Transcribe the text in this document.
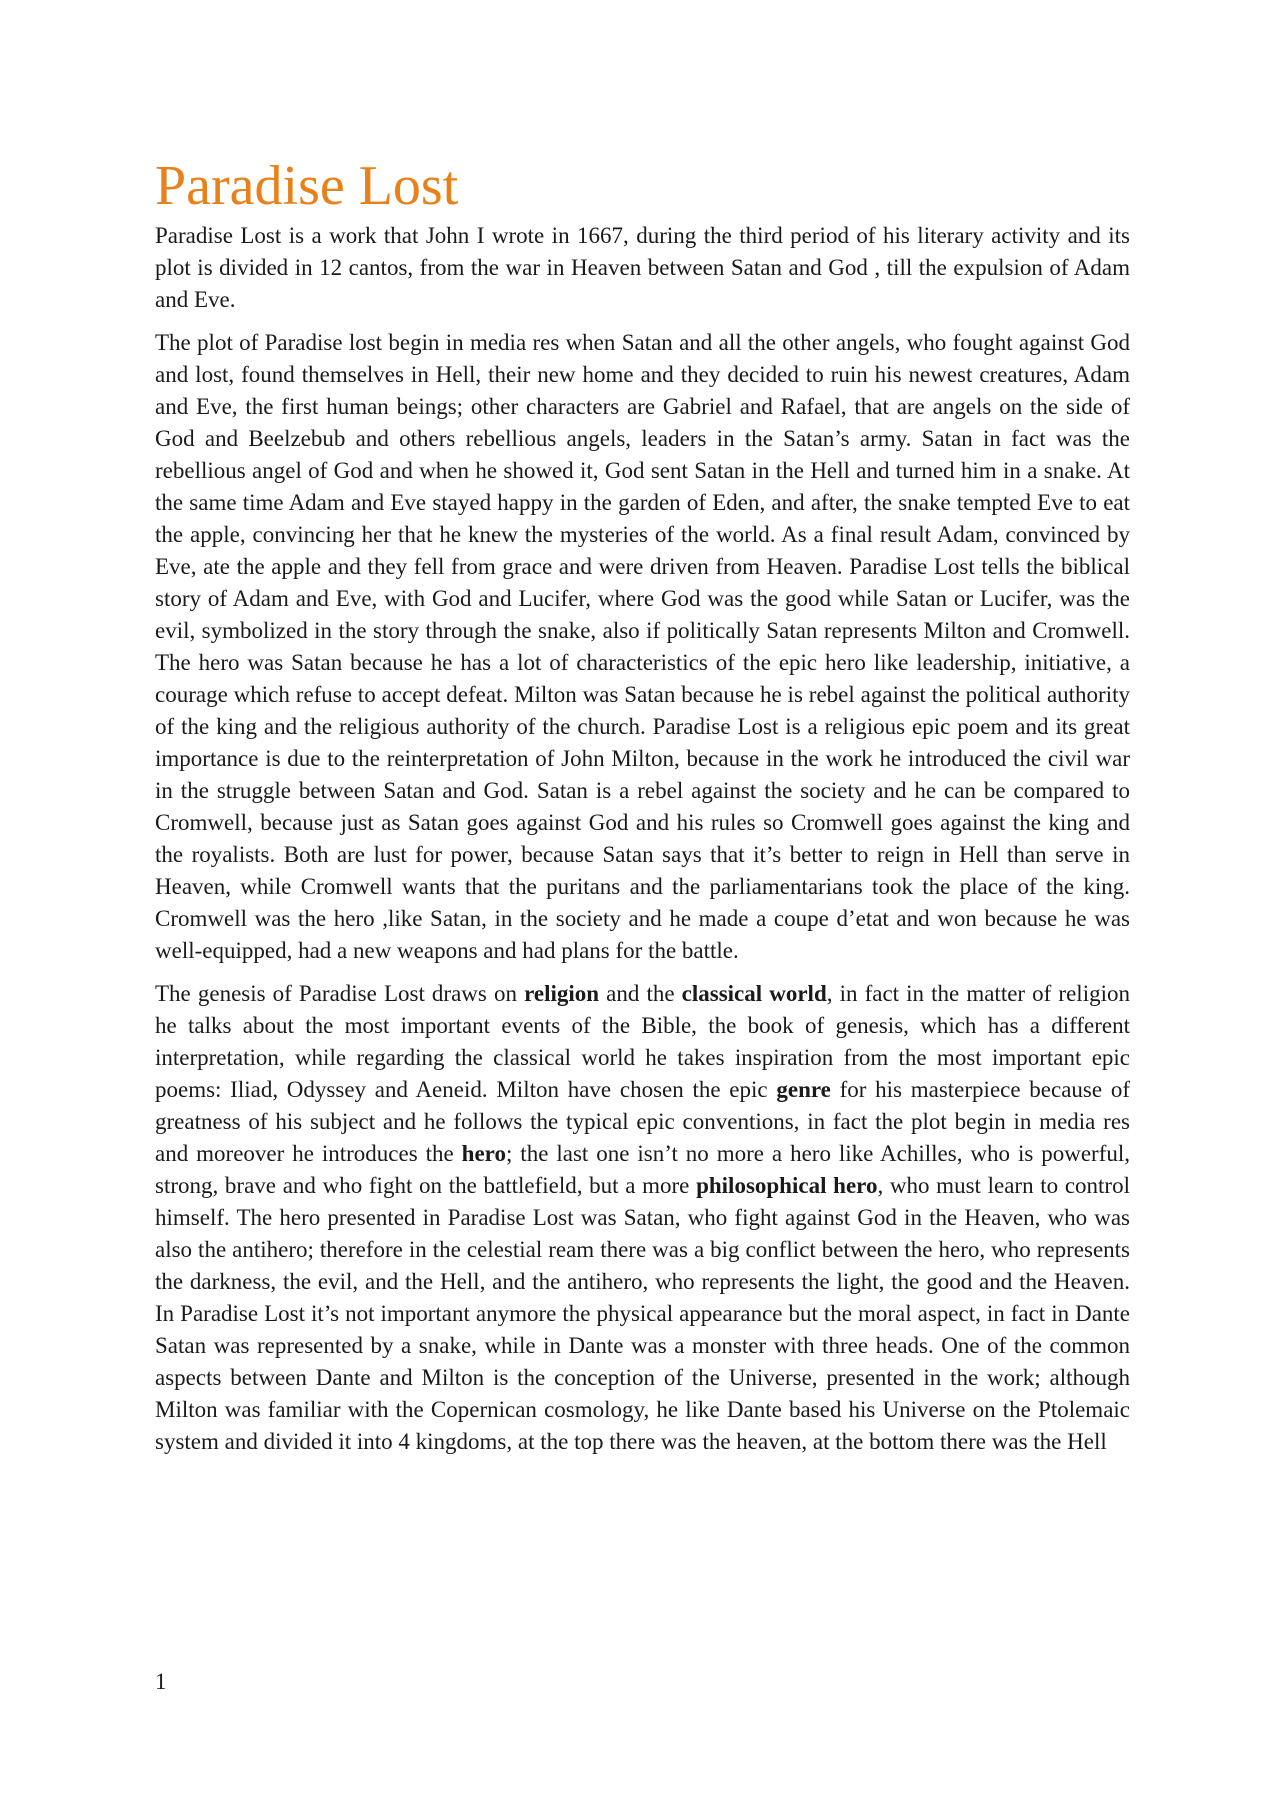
Paradise Lost

Paradise Lost is a work that John I wrote in 1667, during the third period of his literary activity and its plot is divided in 12 cantos, from the war in Heaven between Satan and God , till the expulsion of Adam and Eve.

The plot of Paradise lost begin in media res when Satan and all the other angels, who fought against God and lost, found themselves in Hell, their new home and they decided to ruin his newest creatures, Adam and Eve, the first human beings; other characters are Gabriel and Rafael, that are angels on the side of God and Beelzebub and others rebellious angels, leaders in the Satan’s army. Satan in fact was the rebellious angel of God and when he showed it, God sent Satan in the Hell and turned him in a snake. At the same time Adam and Eve stayed happy in the garden of Eden, and after, the snake tempted Eve to eat the apple, convincing her that he knew the mysteries of the world. As a final result Adam, convinced by Eve, ate the apple and they fell from grace and were driven from Heaven. Paradise Lost tells the biblical story of Adam and Eve, with God and Lucifer, where God was the good while Satan or Lucifer, was the evil, symbolized in the story through the snake, also if politically Satan represents Milton and Cromwell. The hero was Satan because he has a lot of characteristics of the epic hero like leadership, initiative, a courage which refuse to accept defeat. Milton was Satan because he is rebel against the political authority of the king and the religious authority of the church. Paradise Lost is a religious epic poem and its great importance is due to the reinterpretation of John Milton, because in the work he introduced the civil war in the struggle between Satan and God. Satan is a rebel against the society and he can be compared to Cromwell, because just as Satan goes against God and his rules so Cromwell goes against the king and the royalists. Both are lust for power, because Satan says that it’s better to reign in Hell than serve in Heaven, while Cromwell wants that the puritans and the parliamentarians took the place of the king. Cromwell was the hero ,like Satan, in the society and he made a coupe d’etat and won because he was well-equipped, had a new weapons and had plans for the battle.

The genesis of Paradise Lost draws on religion and the classical world, in fact in the matter of religion he talks about the most important events of the Bible, the book of genesis, which has a different interpretation, while regarding the classical world he takes inspiration from the most important epic poems: Iliad, Odyssey and Aeneid. Milton have chosen the epic genre for his masterpiece because of greatness of his subject and he follows the typical epic conventions, in fact the plot begin in media res and moreover he introduces the hero; the last one isn’t no more a hero like Achilles, who is powerful, strong, brave and who fight on the battlefield, but a more philosophical hero, who must learn to control himself. The hero presented in Paradise Lost was Satan, who fight against God in the Heaven, who was also the antihero; therefore in the celestial ream there was a big conflict between the hero, who represents the darkness, the evil, and the Hell, and the antihero, who represents the light, the good and the Heaven. In Paradise Lost it’s not important anymore the physical appearance but the moral aspect, in fact in Dante Satan was represented by a snake, while in Dante was a monster with three heads. One of the common aspects between Dante and Milton is the conception of the Universe, presented in the work; although Milton was familiar with the Copernican cosmology, he like Dante based his Universe on the Ptolemaic system and divided it into 4 kingdoms, at the top there was the heaven, at the bottom there was the Hell

1
